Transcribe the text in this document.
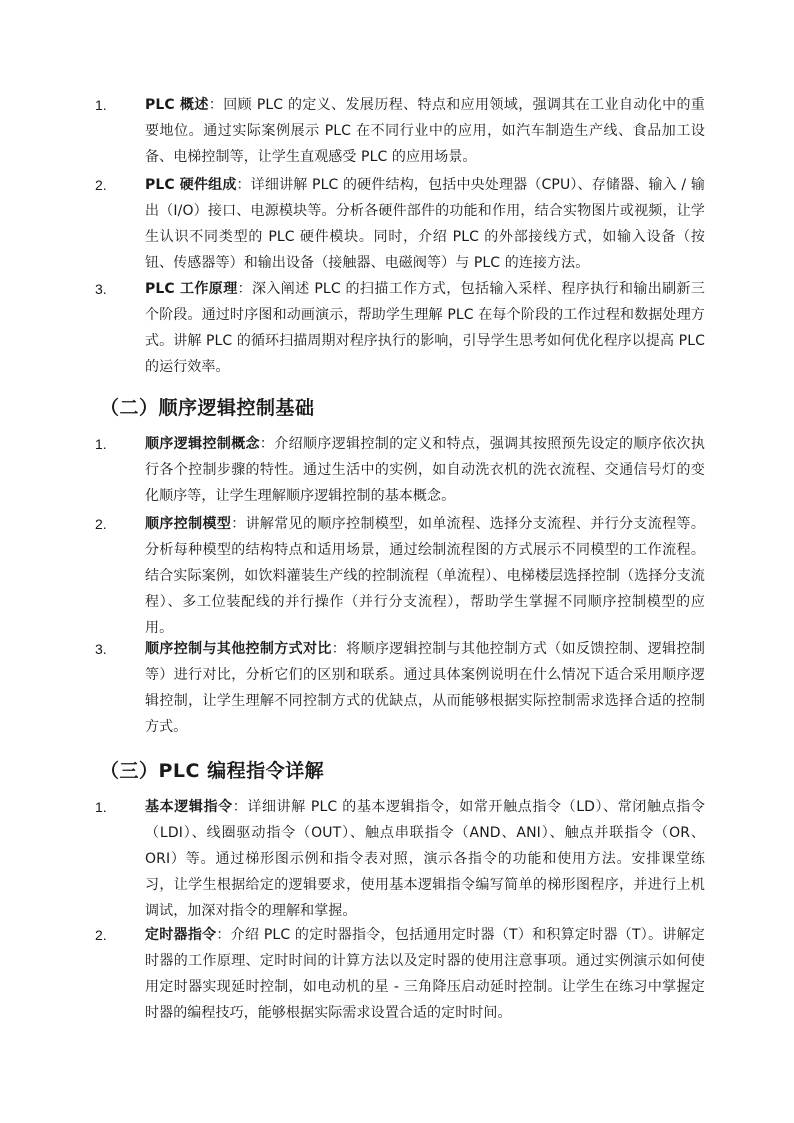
1.	PLC 概述：回顾 PLC 的定义、发展历程、特点和应用领域，强调其在工业自动化中的重要地位。通过实际案例展示 PLC 在不同行业中的应用，如汽车制造生产线、食品加工设备、电梯控制等，让学生直观感受 PLC 的应用场景。
2.	PLC 硬件组成：详细讲解 PLC 的硬件结构，包括中央处理器（CPU）、存储器、输入 / 输出（I/O）接口、电源模块等。分析各硬件部件的功能和作用，结合实物图片或视频，让学生认识不同类型的 PLC 硬件模块。同时，介绍 PLC 的外部接线方式，如输入设备（按钮、传感器等）和输出设备（接触器、电磁阀等）与 PLC 的连接方法。
3.	PLC 工作原理：深入阐述 PLC 的扫描工作方式，包括输入采样、程序执行和输出刷新三个阶段。通过时序图和动画演示，帮助学生理解 PLC 在每个阶段的工作过程和数据处理方式。讲解 PLC 的循环扫描周期对程序执行的影响，引导学生思考如何优化程序以提高 PLC 的运行效率。
（二）顺序逻辑控制基础
1.	顺序逻辑控制概念：介绍顺序逻辑控制的定义和特点，强调其按照预先设定的顺序依次执行各个控制步骤的特性。通过生活中的实例，如自动洗衣机的洗衣流程、交通信号灯的变化顺序等，让学生理解顺序逻辑控制的基本概念。
2.	顺序控制模型：讲解常见的顺序控制模型，如单流程、选择分支流程、并行分支流程等。分析每种模型的结构特点和适用场景，通过绘制流程图的方式展示不同模型的工作流程。结合实际案例，如饮料灌装生产线的控制流程（单流程）、电梯楼层选择控制（选择分支流程）、多工位装配线的并行操作（并行分支流程），帮助学生掌握不同顺序控制模型的应用。
3.	顺序控制与其他控制方式对比：将顺序逻辑控制与其他控制方式（如反馈控制、逻辑控制等）进行对比，分析它们的区别和联系。通过具体案例说明在什么情况下适合采用顺序逻辑控制，让学生理解不同控制方式的优缺点，从而能够根据实际控制需求选择合适的控制方式。
（三）PLC 编程指令详解
1.	基本逻辑指令：详细讲解 PLC 的基本逻辑指令，如常开触点指令（LD）、常闭触点指令（LDI）、线圈驱动指令（OUT）、触点串联指令（AND、ANI）、触点并联指令（OR、ORI）等。通过梯形图示例和指令表对照，演示各指令的功能和使用方法。安排课堂练习，让学生根据给定的逻辑要求，使用基本逻辑指令编写简单的梯形图程序，并进行上机调试，加深对指令的理解和掌握。
2.	定时器指令：介绍 PLC 的定时器指令，包括通用定时器（T）和积算定时器（T）。讲解定时器的工作原理、定时时间的计算方法以及定时器的使用注意事项。通过实例演示如何使用定时器实现延时控制，如电动机的星 - 三角降压启动延时控制。让学生在练习中掌握定时器的编程技巧，能够根据实际需求设置合适的定时时间。
